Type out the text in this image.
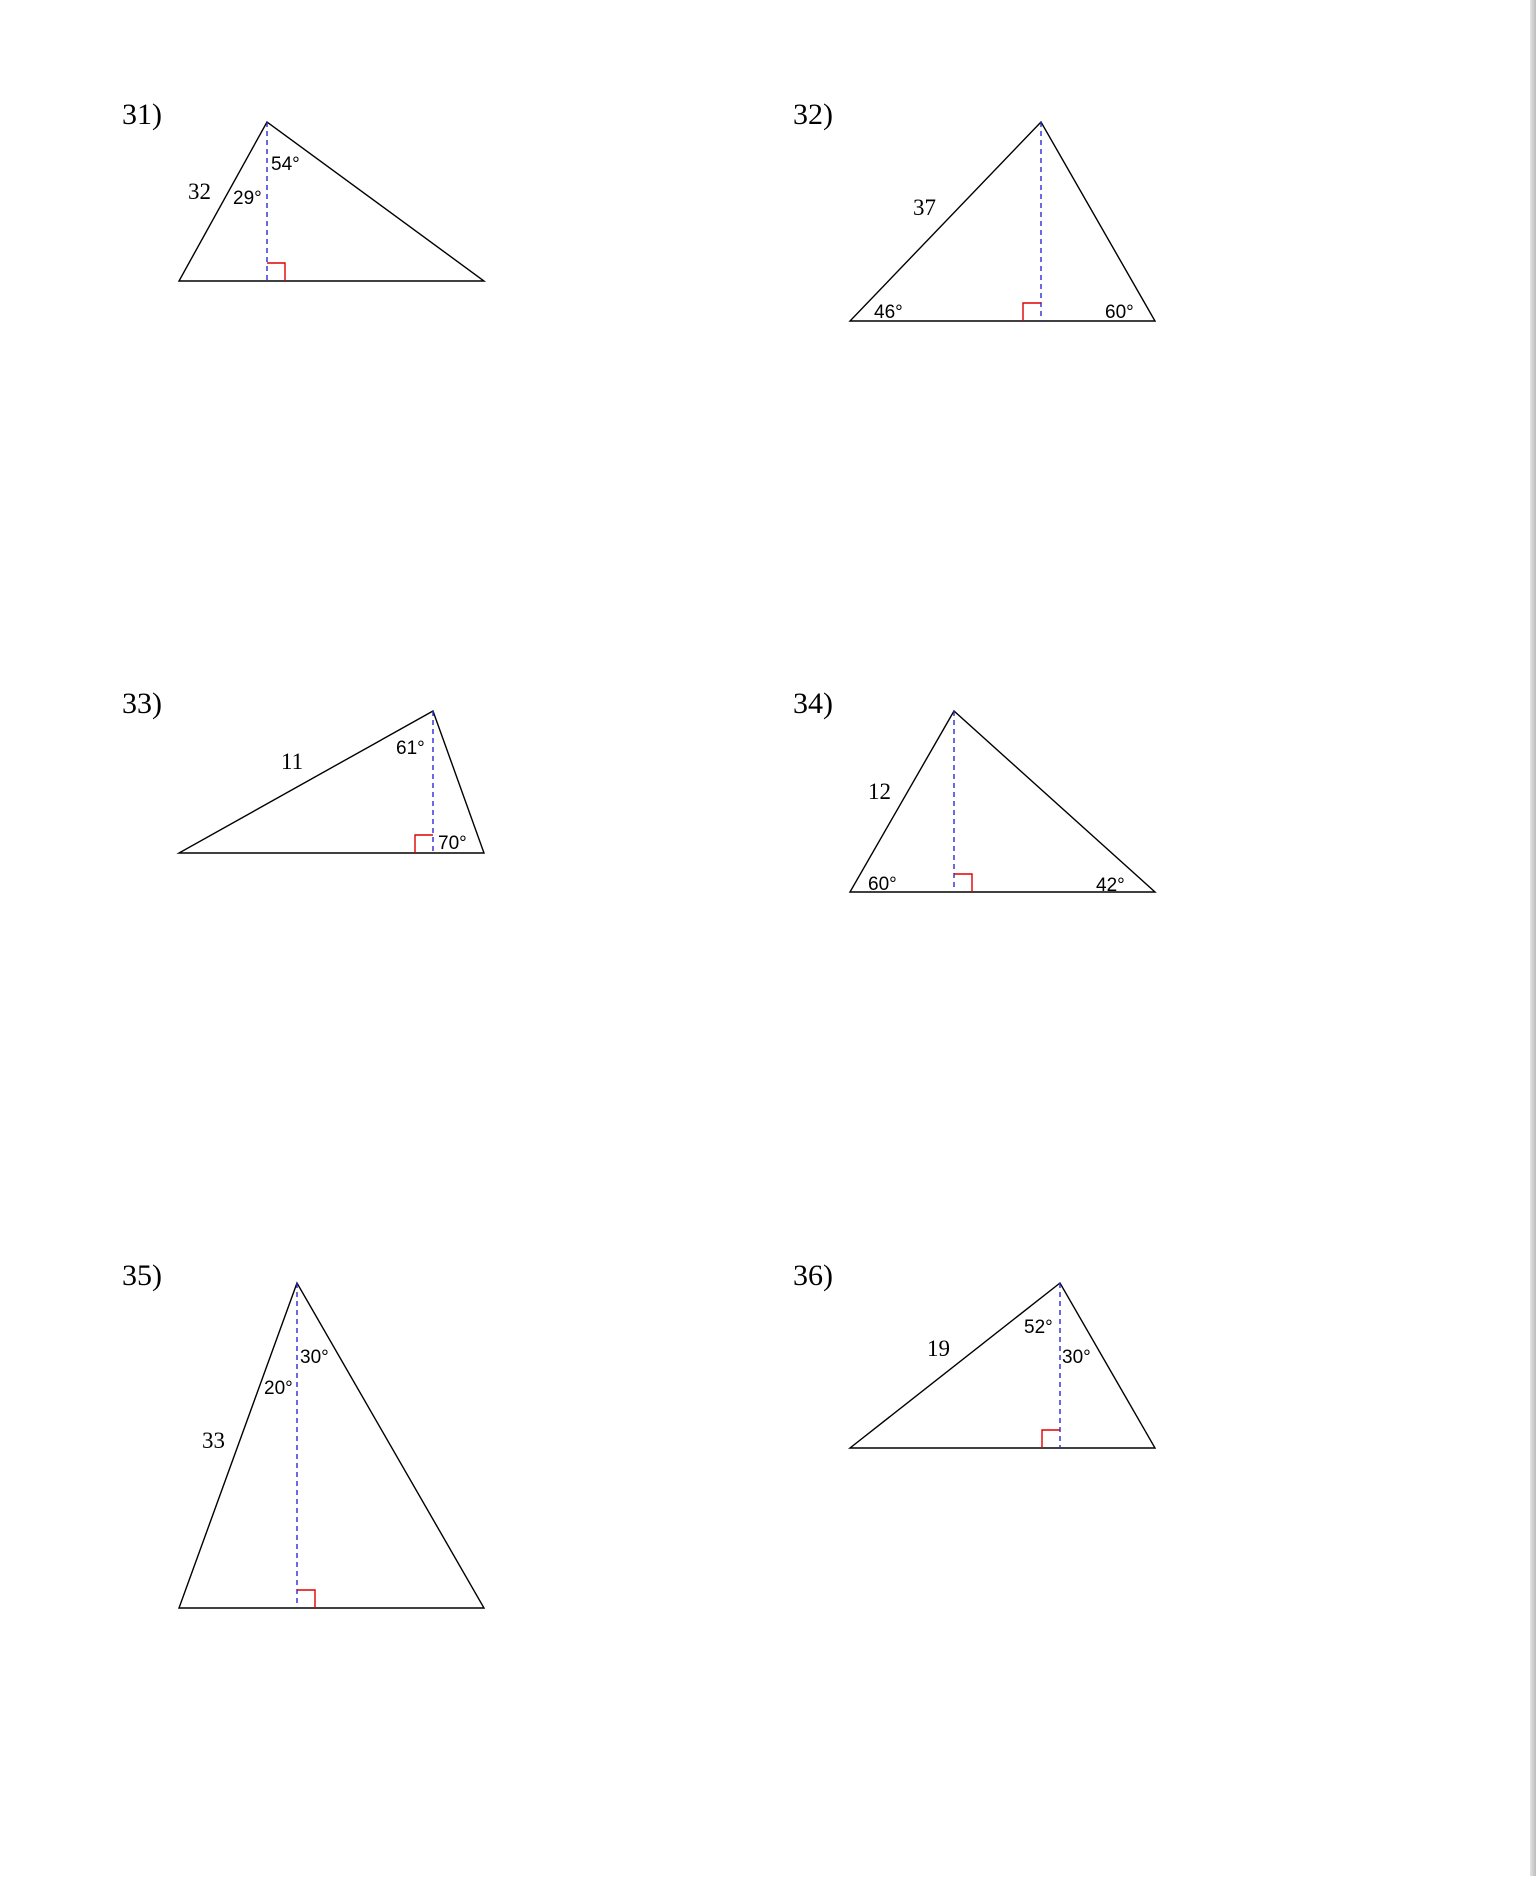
31)
32
54°
29°
32)
37
46°	60°
33)
11
61°
70°
34)
12
60°	42°
35)
33
30°
20°
36)
19
52°
30°
